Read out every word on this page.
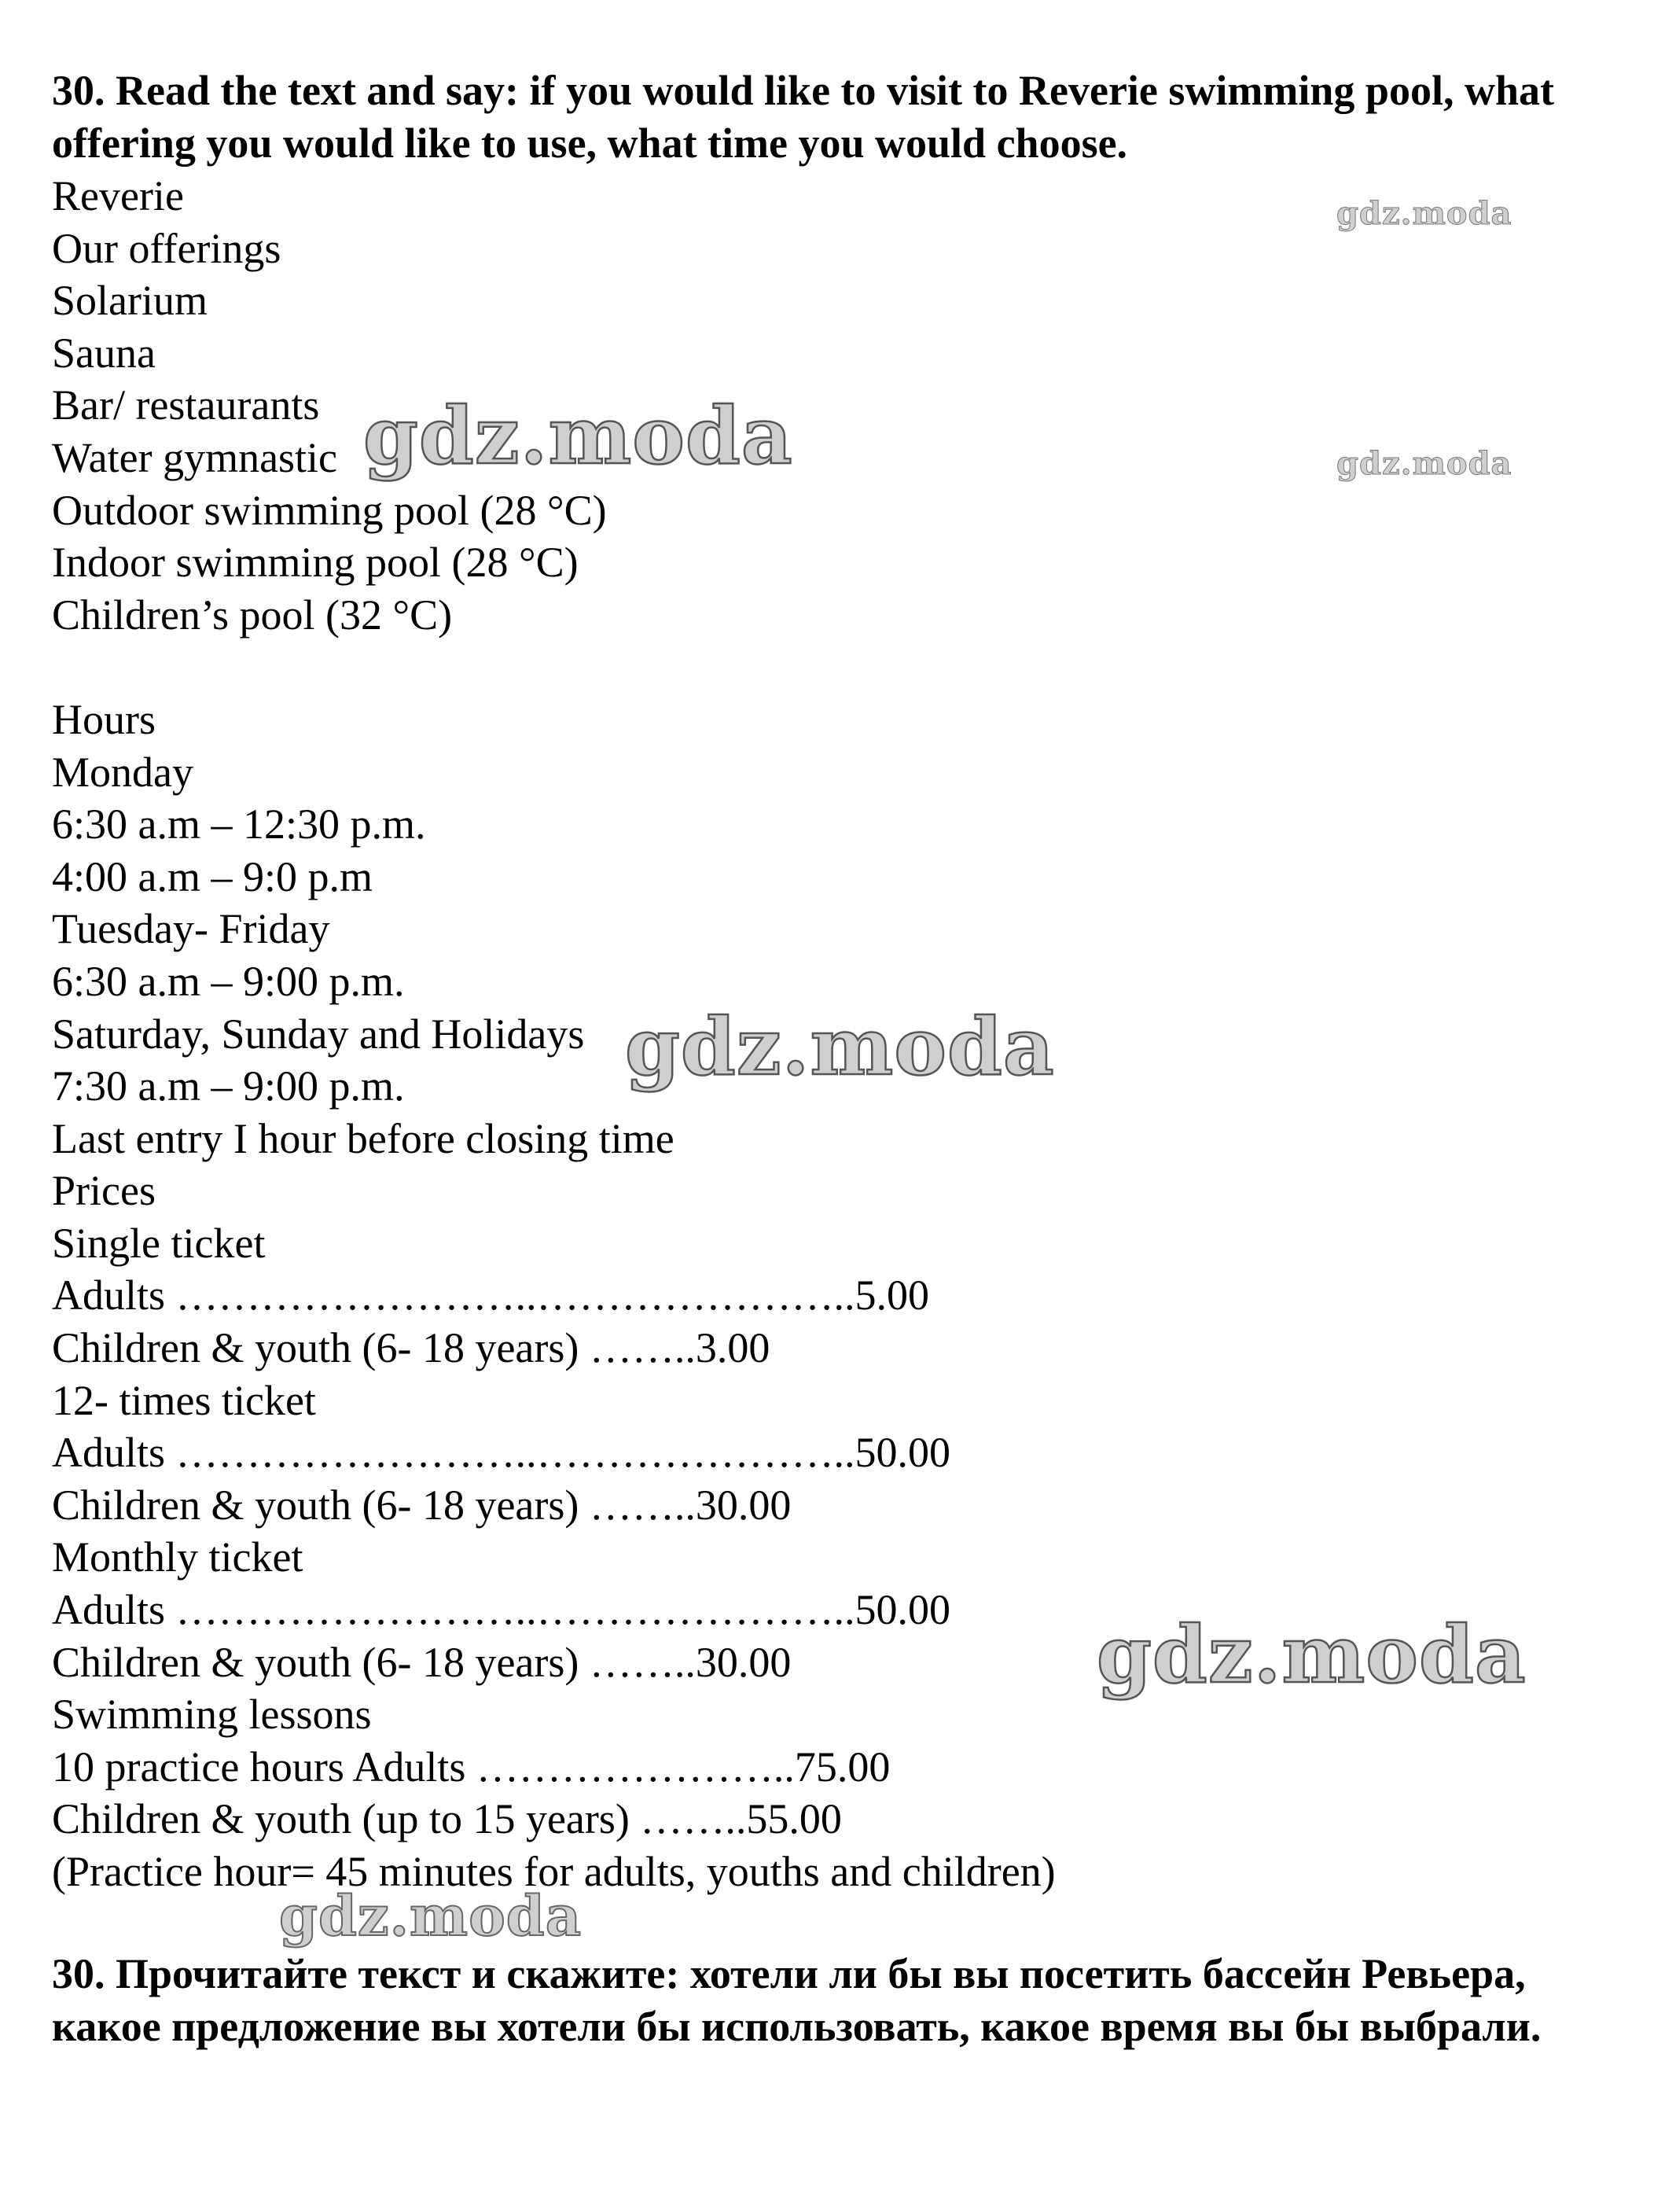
30. Read the text and say: if you would like to visit to Reverie swimming pool, what offering you would like to use, what time you would choose.

Reverie
Our offerings
Solarium
Sauna
Bar/ restaurants
Water gymnastic
Outdoor swimming pool (28 °C)
Indoor swimming pool (28 °C)
Children’s pool (32 °C)
Hours
Monday
6:30 a.m – 12:30 p.m.
4:00 a.m – 9:0 p.m
Tuesday- Friday
6:30 a.m – 9:00 p.m.
Saturday, Sunday and Holidays
7:30 a.m – 9:00 p.m.
Last entry I hour before closing time
Prices
Single ticket
Adults ……………………..…………………..5.00
Children & youth (6- 18 years) ……..3.00
12- times ticket
Adults ……………………..…………………..50.00
Children & youth (6- 18 years) ……..30.00
Monthly ticket
Adults ……………………..…………………..50.00
Children & youth (6- 18 years) ……..30.00
Swimming lessons
10 practice hours Adults …………………..75.00
Children & youth (up to 15 years) ……..55.00
(Practice hour= 45 minutes for adults, youths and children)

30. Прочитайте текст и скажите: хотели ли бы вы посетить бассейн Ревьера, какое предложение вы хотели бы использовать, какое время вы бы выбрали.

gdz.moda
gdz.moda
gdz.moda
gdz.moda
gdz.moda
gdz.moda
